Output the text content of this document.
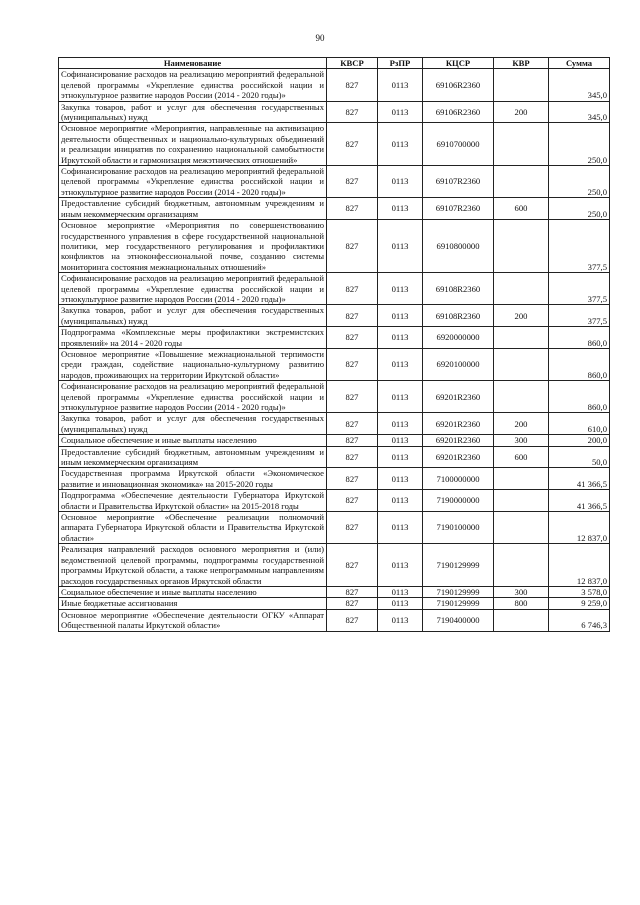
90
Наименование	КВСР	РзПР	КЦСР	КВР	Сумма
Софинансирование расходов на реализацию мероприятий федеральной целевой программы «Укрепление единства российской нации и этнокультурное развитие народов России (2014 - 2020 годы)»	827	0113	69106R2360		345,0
Закупка товаров, работ и услуг для обеспечения государственных (муниципальных) нужд	827	0113	69106R2360	200	345,0
Основное мероприятие «Мероприятия, направленные на активизацию деятельности общественных и национально-культурных объединений и реализации инициатив по сохранению национальной самобытности Иркутской области и гармонизация межэтнических отношений»	827	0113	6910700000		250,0
Софинансирование расходов на реализацию мероприятий федеральной целевой программы «Укрепление единства российской нации и этнокультурное развитие народов России (2014 - 2020 годы)»	827	0113	69107R2360		250,0
Предоставление субсидий бюджетным, автономным учреждениям и иным некоммерческим организациям	827	0113	69107R2360	600	250,0
Основное мероприятие «Мероприятия по совершенствованию государственного управления в сфере государственной национальной политики, мер государственного регулирования и профилактики конфликтов на этноконфессиональной почве, созданию системы мониторинга состояния межнациональных отношений»	827	0113	6910800000		377,5
Софинансирование расходов на реализацию мероприятий федеральной целевой программы «Укрепление единства российской нации и этнокультурное развитие народов России (2014 - 2020 годы)»	827	0113	69108R2360		377,5
Закупка товаров, работ и услуг для обеспечения государственных (муниципальных) нужд	827	0113	69108R2360	200	377,5
Подпрограмма «Комплексные меры профилактики экстремистских проявлений» на 2014 - 2020 годы	827	0113	6920000000		860,0
Основное мероприятие «Повышение межнациональной терпимости среди граждан, содействие национально-культурному развитию народов, проживающих на территории Иркутской области»	827	0113	6920100000		860,0
Софинансирование расходов на реализацию мероприятий федеральной целевой программы «Укрепление единства российской нации и этнокультурное развитие народов России (2014 - 2020 годы)»	827	0113	69201R2360		860,0
Закупка товаров, работ и услуг для обеспечения государственных (муниципальных) нужд	827	0113	69201R2360	200	610,0
Социальное обеспечение и иные выплаты населению	827	0113	69201R2360	300	200,0
Предоставление субсидий бюджетным, автономным учреждениям и иным некоммерческим организациям	827	0113	69201R2360	600	50,0
Государственная программа Иркутской области «Экономическое развитие и инновационная экономика» на 2015-2020 годы	827	0113	7100000000		41 366,5
Подпрограмма «Обеспечение деятельности Губернатора Иркутской области и Правительства Иркутской области» на 2015-2018 годы	827	0113	7190000000		41 366,5
Основное мероприятие «Обеспечение реализации полномочий аппарата Губернатора Иркутской области и Правительства Иркутской области»	827	0113	7190100000		12 837,0
Реализация направлений расходов основного мероприятия и (или) ведомственной целевой программы, подпрограммы государственной программы Иркутской области, а также непрограммным направлениям расходов государственных органов Иркутской области	827	0113	7190129999		12 837,0
Социальное обеспечение и иные выплаты населению	827	0113	7190129999	300	3 578,0
Иные бюджетные ассигнования	827	0113	7190129999	800	9 259,0
Основное мероприятие «Обеспечение деятельности ОГКУ «Аппарат Общественной палаты Иркутской области»	827	0113	7190400000		6 746,3
